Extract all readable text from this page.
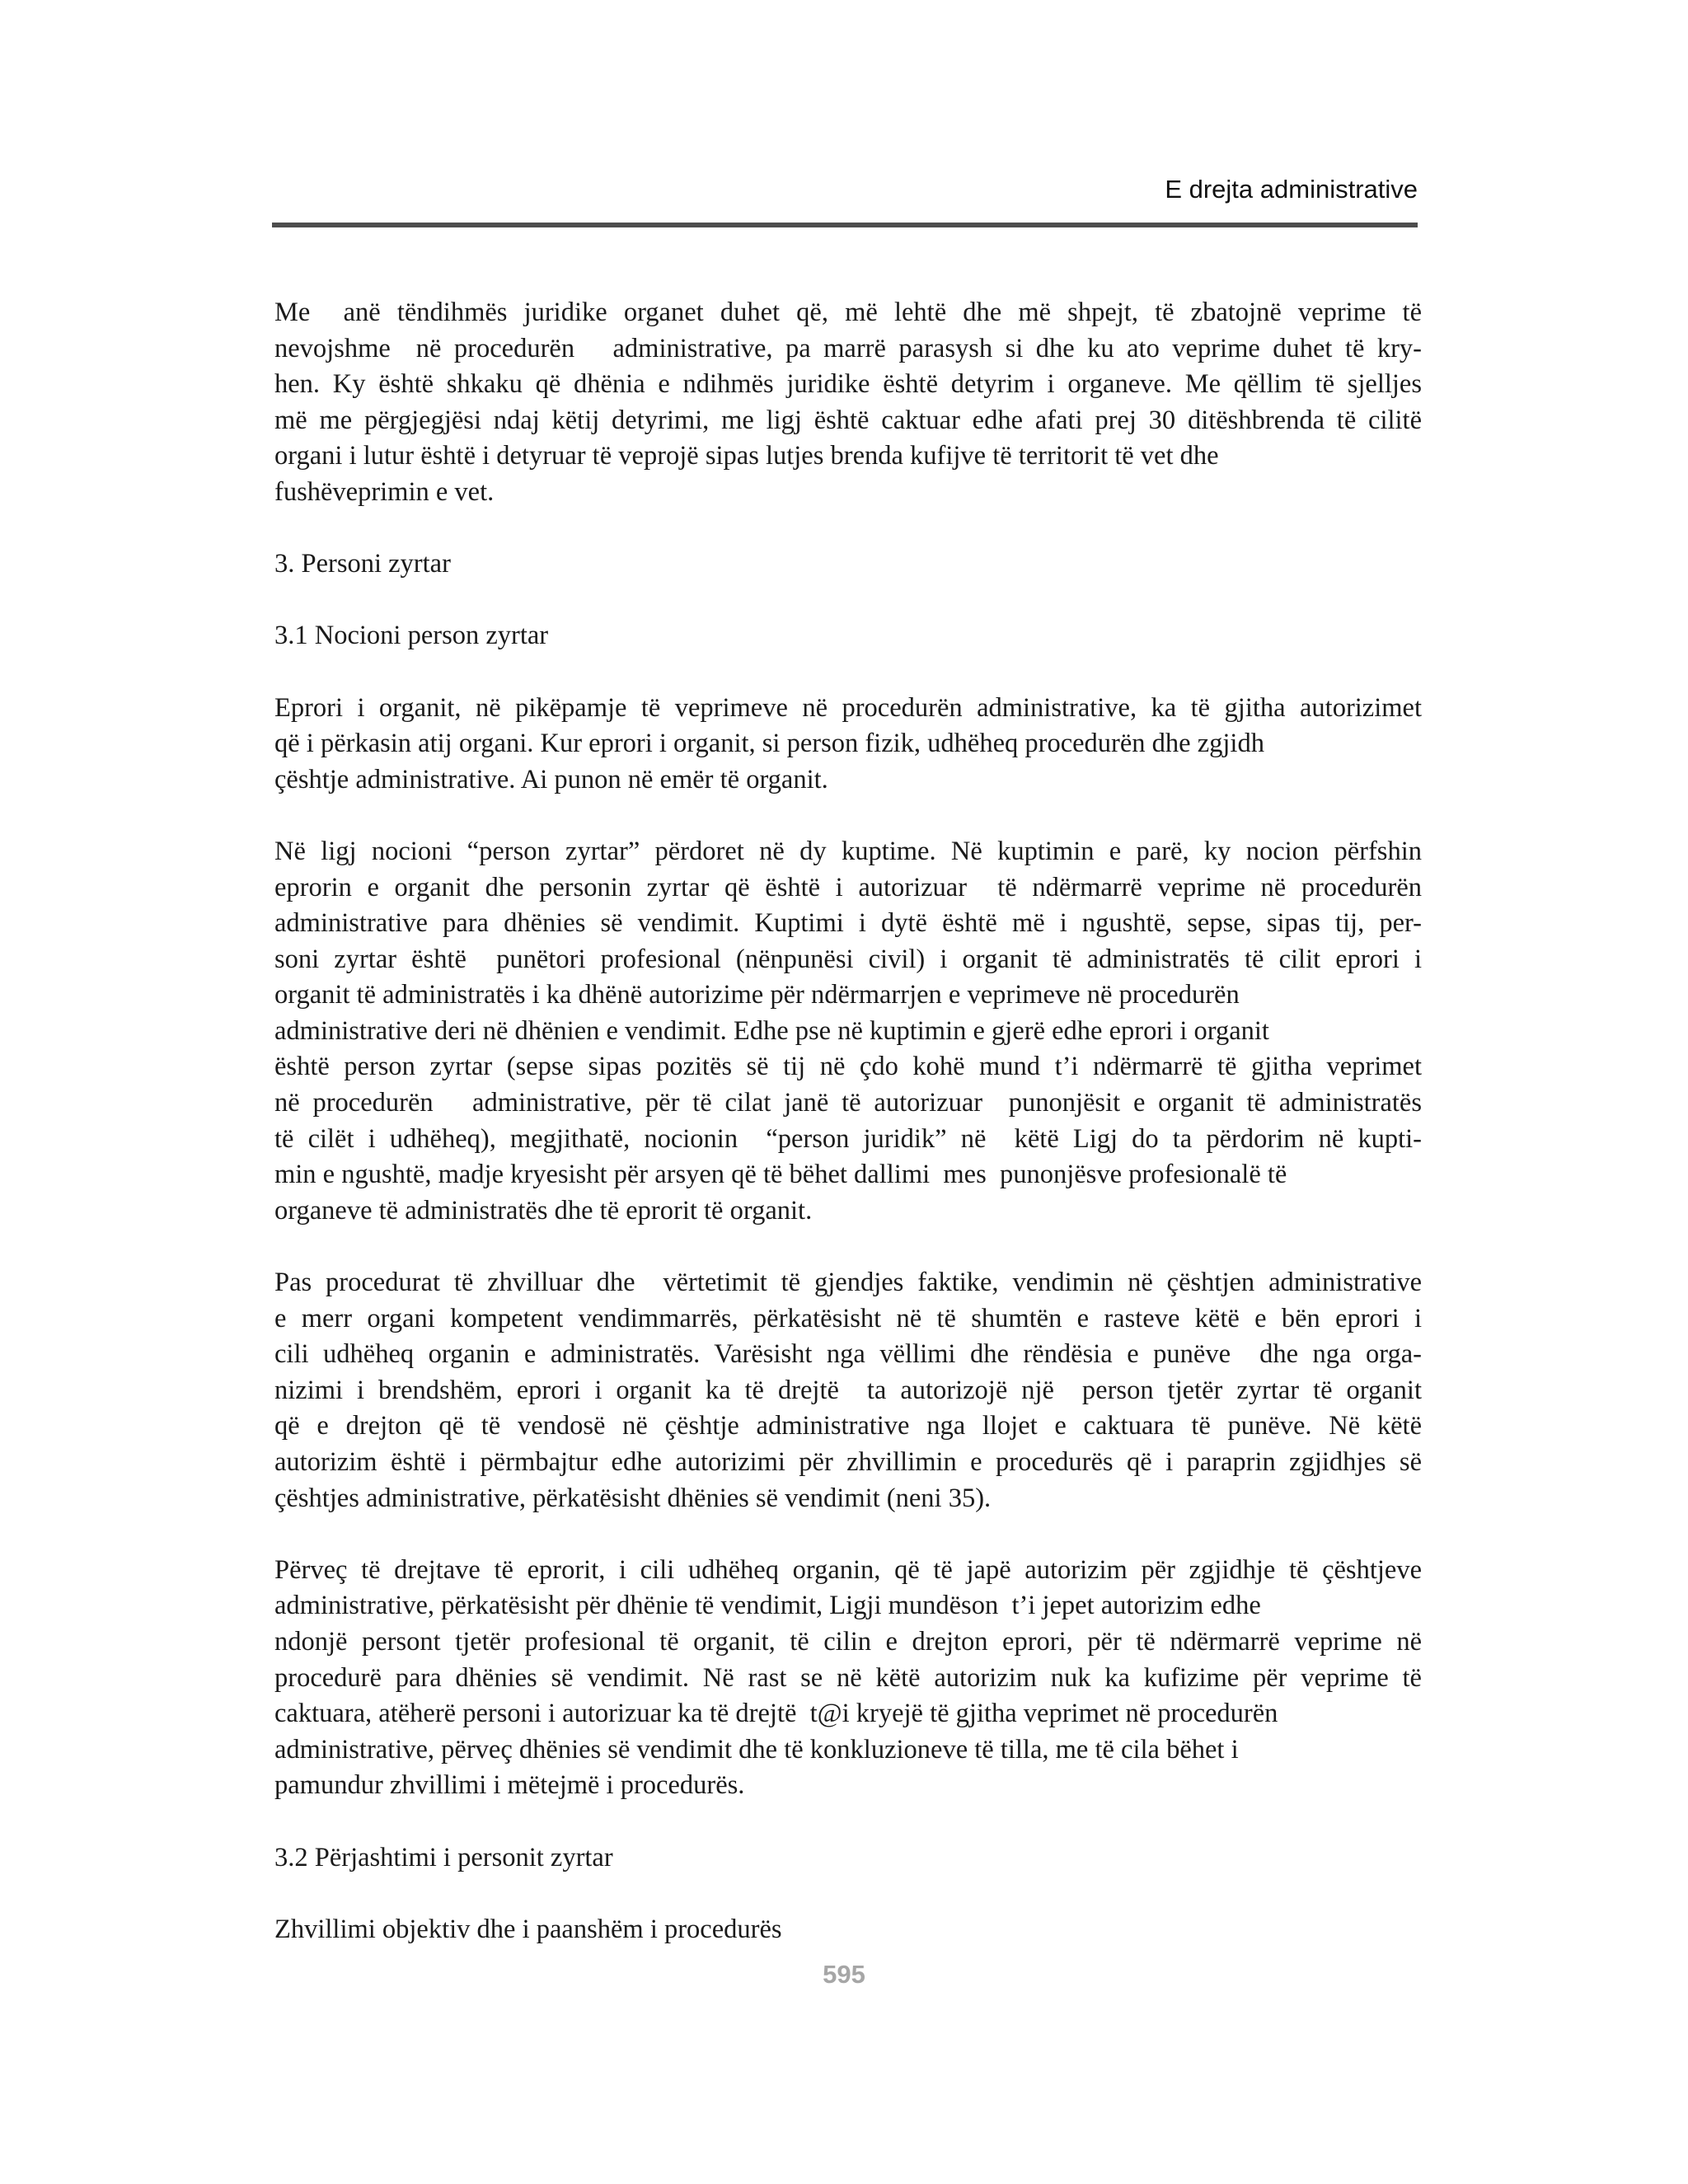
E drejta administrative
Me  anë tëndihmës juridike organet duhet që, më lehtë dhe më shpejt, të zbatojnë veprime të
nevojshme  në procedurën   administrative, pa marrë parasysh si dhe ku ato veprime duhet të kry-
hen. Ky është shkaku që dhënia e ndihmës juridike është detyrim i organeve. Me qëllim të sjelljes
më me përgjegjësi ndaj këtij detyrimi, me ligj është caktuar edhe afati prej 30 ditëshbrenda të cilitë
organi i lutur është i detyruar të veprojë sipas lutjes brenda kufijve të territorit të vet dhe
fushëveprimin e vet.
3. Personi zyrtar
3.1 Nocioni person zyrtar
Eprori i organit, në pikëpamje të veprimeve në procedurën administrative, ka të gjitha autorizimet
që i përkasin atij organi. Kur eprori i organit, si person fizik, udhëheq procedurën dhe zgjidh
çështje administrative. Ai punon në emër të organit.
Në ligj nocioni “person zyrtar” përdoret në dy kuptime. Në kuptimin e parë, ky nocion përfshin
eprorin e organit dhe personin zyrtar që është i autorizuar  të ndërmarrë veprime në procedurën
administrative para dhënies së vendimit. Kuptimi i dytë është më i ngushtë, sepse, sipas tij, per-
soni zyrtar është  punëtori profesional (nënpunësi civil) i organit të administratës të cilit eprori i
organit të administratës i ka dhënë autorizime për ndërmarrjen e veprimeve në procedurën
administrative deri në dhënien e vendimit. Edhe pse në kuptimin e gjerë edhe eprori i organit
është person zyrtar (sepse sipas pozitës së tij në çdo kohë mund t’i ndërmarrë të gjitha veprimet
në procedurën   administrative, për të cilat janë të autorizuar  punonjësit e organit të administratës
të cilët i udhëheq), megjithatë, nocionin  “person juridik” në  këtë Ligj do ta përdorim në kupti-
min e ngushtë, madje kryesisht për arsyen që të bëhet dallimi  mes  punonjësve profesionalë të
organeve të administratës dhe të eprorit të organit.
Pas procedurat të zhvilluar dhe  vërtetimit të gjendjes faktike, vendimin në çështjen administrative
e merr organi kompetent vendimmarrës, përkatësisht në të shumtën e rasteve këtë e bën eprori i
cili udhëheq organin e administratës. Varësisht nga vëllimi dhe rëndësia e punëve  dhe nga orga-
nizimi i brendshëm, eprori i organit ka të drejtë  ta autorizojë një  person tjetër zyrtar të organit
që e drejton që të vendosë në çështje administrative nga llojet e caktuara të punëve. Në këtë
autorizim është i përmbajtur edhe autorizimi për zhvillimin e procedurës që i paraprin zgjidhjes së
çështjes administrative, përkatësisht dhënies së vendimit (neni 35).
Përveç të drejtave të eprorit, i cili udhëheq organin, që të japë autorizim për zgjidhje të çështjeve
administrative, përkatësisht për dhënie të vendimit, Ligji mundëson  t’i jepet autorizim edhe
ndonjë persont tjetër profesional të organit, të cilin e drejton eprori, për të ndërmarrë veprime në
procedurë para dhënies së vendimit. Në rast se në këtë autorizim nuk ka kufizime për veprime të
caktuara, atëherë personi i autorizuar ka të drejtë  t@i kryejë të gjitha veprimet në procedurën
administrative, përveç dhënies së vendimit dhe të konkluzioneve të tilla, me të cila bëhet i
pamundur zhvillimi i mëtejmë i procedurës.
3.2 Përjashtimi i personit zyrtar
Zhvillimi objektiv dhe i paanshëm i procedurës
595
